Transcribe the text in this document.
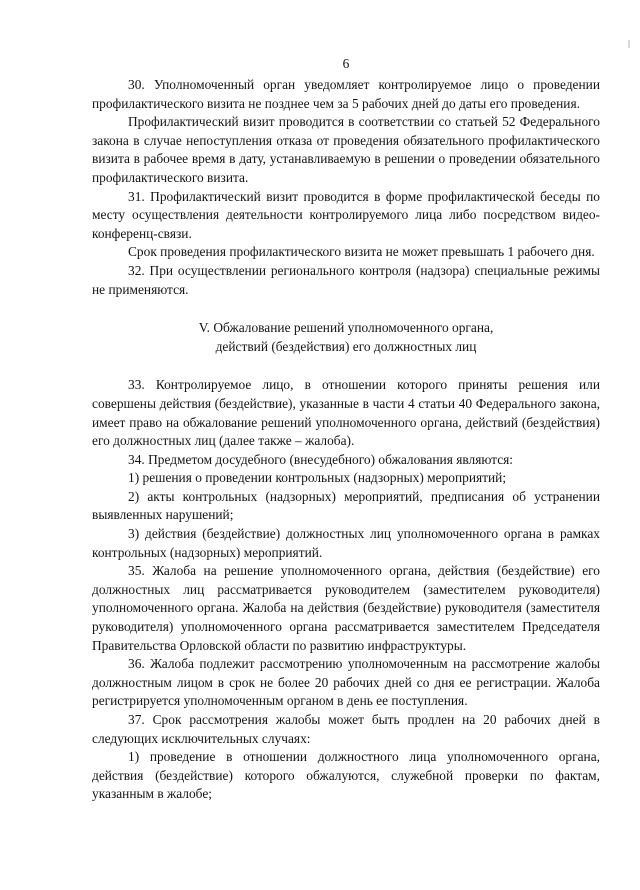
6

30. Уполномоченный орган уведомляет контролируемое лицо о проведении профилактического визита не позднее чем за 5 рабочих дней до даты его проведения.

Профилактический визит проводится в соответствии со статьей 52 Федерального закона в случае непоступления отказа от проведения обязательного профилактического визита в рабочее время в дату, устанавливаемую в решении о проведении обязательного профилактического визита.

31. Профилактический визит проводится в форме профилактической беседы по месту осуществления деятельности контролируемого лица либо посредством видео-конференц-связи.

Срок проведения профилактического визита не может превышать 1 рабочего дня.

32. При осуществлении регионального контроля (надзора) специальные режимы не применяются.

V. Обжалование решений уполномоченного органа,
действий (бездействия) его должностных лиц

33. Контролируемое лицо, в отношении которого приняты решения или совершены действия (бездействие), указанные в части 4 статьи 40 Федерального закона, имеет право на обжалование решений уполномоченного органа, действий (бездействия) его должностных лиц (далее также – жалоба).

34. Предметом досудебного (внесудебного) обжалования являются:

1) решения о проведении контрольных (надзорных) мероприятий;

2) акты контрольных (надзорных) мероприятий, предписания об устранении выявленных нарушений;

3) действия (бездействие) должностных лиц уполномоченного органа в рамках контрольных (надзорных) мероприятий.

35. Жалоба на решение уполномоченного органа, действия (бездействие) его должностных лиц рассматривается руководителем (заместителем руководителя) уполномоченного органа. Жалоба на действия (бездействие) руководителя (заместителя руководителя) уполномоченного органа рассматривается заместителем Председателя Правительства Орловской области по развитию инфраструктуры.

36. Жалоба подлежит рассмотрению уполномоченным на рассмотрение жалобы должностным лицом в срок не более 20 рабочих дней со дня ее регистрации. Жалоба регистрируется уполномоченным органом в день ее поступления.

37. Срок рассмотрения жалобы может быть продлен на 20 рабочих дней в следующих исключительных случаях:

1) проведение в отношении должностного лица уполномоченного органа, действия (бездействие) которого обжалуются, служебной проверки по фактам, указанным в жалобе;
